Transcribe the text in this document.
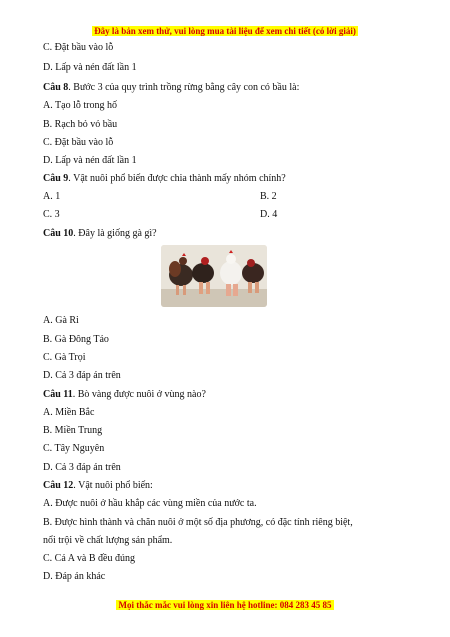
Đây là bản xem thử, vui lòng mua tài liệu để xem chi tiết (có lời giải)
C. Đặt bầu vào lỗ
D. Lấp và nén đất lần 1
Câu 8. Bước 3 của quy trình trồng rừng bằng cây con có bầu là:
A. Tạo lỗ trong hố
B. Rạch bỏ vỏ bầu
C. Đặt bầu vào lỗ
D. Lấp và nén đất lần 1
Câu 9. Vật nuôi phổ biến được chia thành mấy nhóm chính?
A. 1	B. 2
C. 3	D. 4
Câu 10. Đây là giống gà gì?
A. Gà Ri
B. Gà Đông Tảo
C. Gà Trọi
D. Cả 3 đáp án trên
Câu 11. Bò vàng được nuôi ở vùng nào?
A. Miền Bắc
B. Miền Trung
C. Tây Nguyên
D. Cả 3 đáp án trên
Câu 12. Vật nuôi phổ biến:
A. Được nuôi ở hầu khắp các vùng miền của nước ta.
B. Được hình thành và chăn nuôi ở một số địa phương, có đặc tính riêng biệt,
nổi trội về chất lượng sản phẩm.
C. Cả A và B đều đúng
D. Đáp án khác
Mọi thắc mắc vui lòng xin liên hệ hotline: 084 283 45 85
